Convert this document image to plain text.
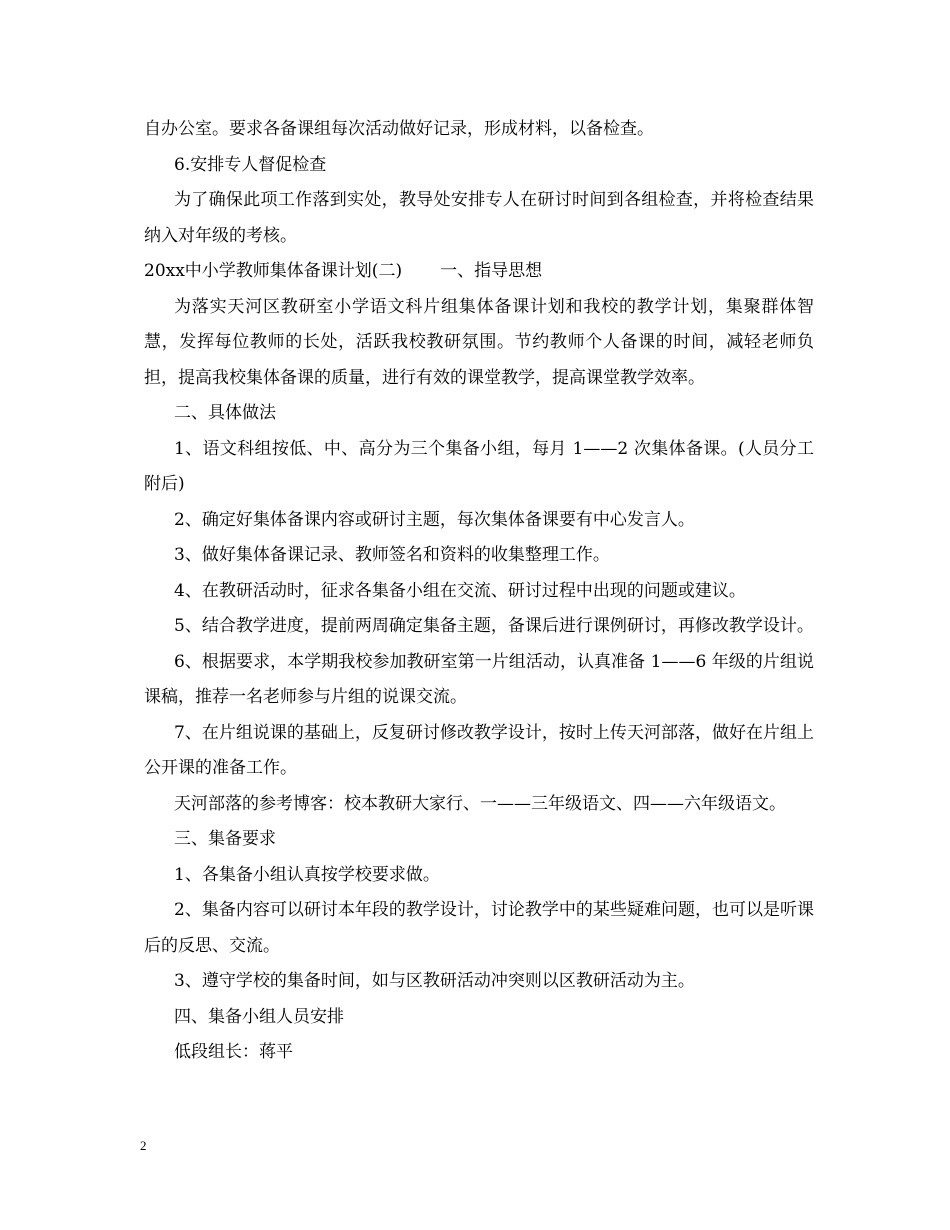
自办公室。要求各备课组每次活动做好记录，形成材料，以备检查。

6.安排专人督促检查

为了确保此项工作落到实处，教导处安排专人在研讨时间到各组检查，并将检查结果纳入对年级的考核。

20xx中小学教师集体备课计划(二) 一、指导思想

为落实天河区教研室小学语文科片组集体备课计划和我校的教学计划，集聚群体智慧，发挥每位教师的长处，活跃我校教研氛围。节约教师个人备课的时间，减轻老师负担，提高我校集体备课的质量，进行有效的课堂教学，提高课堂教学效率。

二、具体做法

1、语文科组按低、中、高分为三个集备小组，每月 1——2 次集体备课。(人员分工附后)

2、确定好集体备课内容或研讨主题，每次集体备课要有中心发言人。

3、做好集体备课记录、教师签名和资料的收集整理工作。

4、在教研活动时，征求各集备小组在交流、研讨过程中出现的问题或建议。

5、结合教学进度，提前两周确定集备主题，备课后进行课例研讨，再修改教学设计。

6、根据要求，本学期我校参加教研室第一片组活动，认真准备 1——6 年级的片组说课稿，推荐一名老师参与片组的说课交流。

7、在片组说课的基础上，反复研讨修改教学设计，按时上传天河部落，做好在片组上公开课的准备工作。

天河部落的参考博客：校本教研大家行、一——三年级语文、四——六年级语文。

三、集备要求

1、各集备小组认真按学校要求做。

2、集备内容可以研讨本年段的教学设计，讨论教学中的某些疑难问题，也可以是听课后的反思、交流。

3、遵守学校的集备时间，如与区教研活动冲突则以区教研活动为主。

四、集备小组人员安排

低段组长：蒋平

2
